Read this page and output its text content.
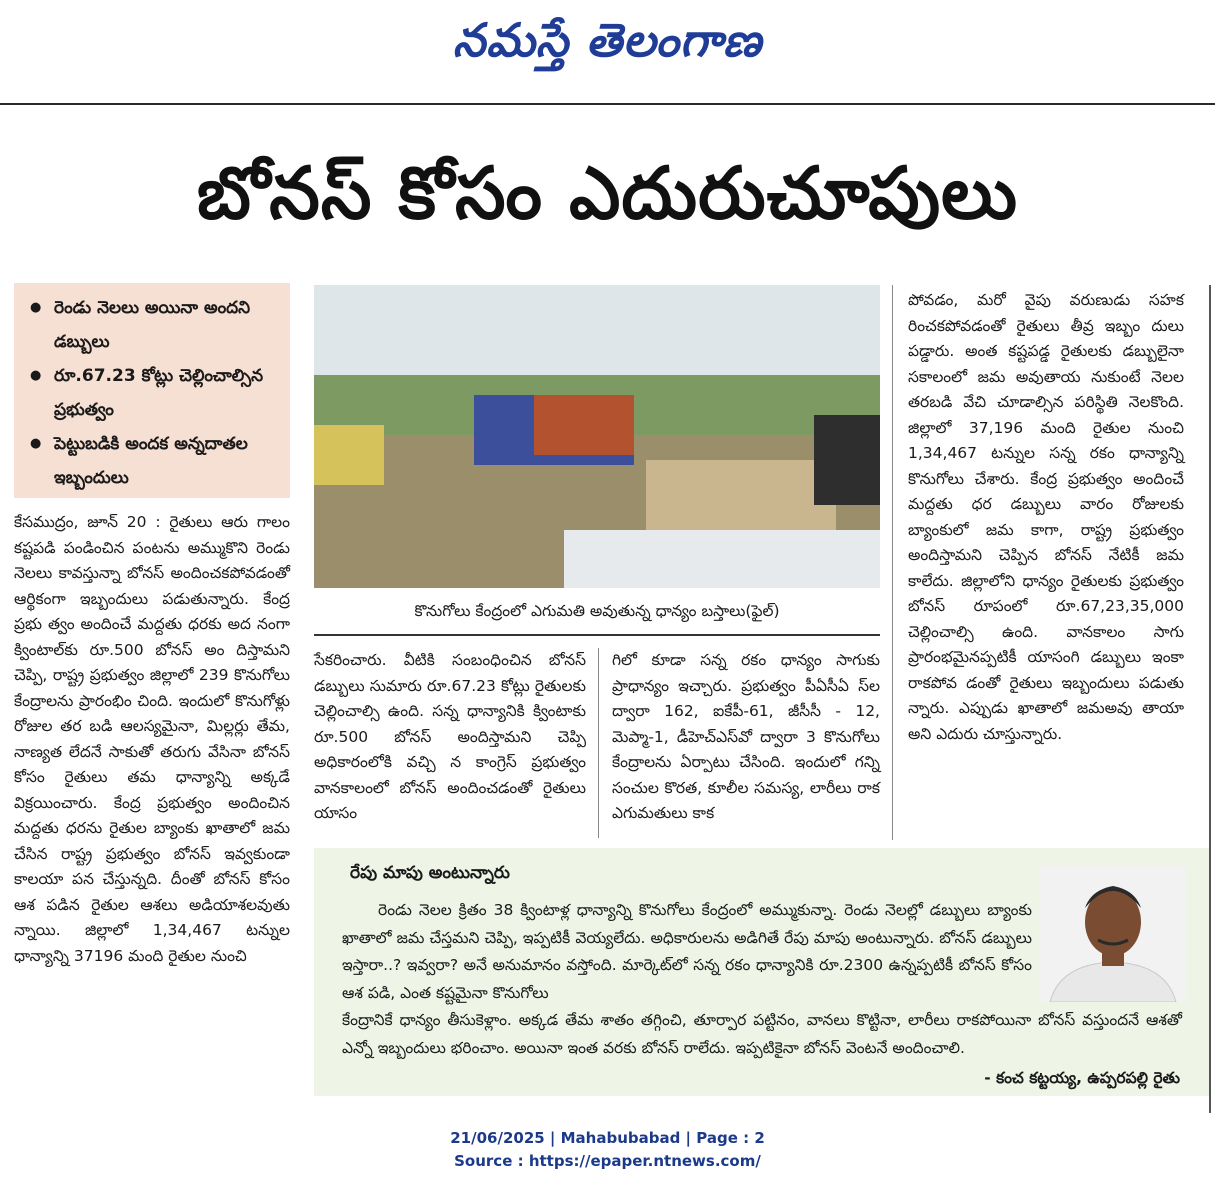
నమస్తే తెలంగాణ
బోనస్ కోసం ఎదురుచూపులు
● రెండు నెలలు అయినా అందని డబ్బులు
● రూ.67.23 కోట్లు చెల్లించాల్సిన ప్రభుత్వం
● పెట్టుబడికి అందక అన్నదాతల ఇబ్బందులు
కేసముద్రం, జూన్ 20 : రైతులు ఆరు గాలం కష్టపడి పండించిన పంటను అమ్ముకొని రెండు నెలలు కావస్తున్నా బోనస్ అందించకపోవడంతో ఆర్థికంగా ఇబ్బందులు పడుతున్నారు. కేంద్ర ప్రభు త్వం అందించే మద్దతు ధరకు అద నంగా క్వింటాల్‌కు రూ.500 బోనస్ అం దిస్తామని చెప్పి, రాష్ట్ర ప్రభుత్వం జిల్లాలో 239 కొనుగోలు కేంద్రాలను ప్రారంభిం చింది. ఇందులో కొనుగోళ్లు రోజుల తర బడి ఆలస్యమైనా, మిల్లర్లు తేమ, నాణ్యత లేదనే సాకుతో తరుగు వేసినా బోనస్ కోసం రైతులు తమ ధాన్యాన్ని అక్కడే విక్రయించారు. కేంద్ర ప్రభుత్వం అందించిన మద్దతు ధరను రైతుల బ్యాంకు ఖాతాలో జమ చేసిన రాష్ట్ర ప్రభుత్వం బోనస్ ఇవ్వకుండా కాలయా పన చేస్తున్నది. దీంతో బోనస్ కోసం ఆశ పడిన రైతుల ఆశలు అడియాశలవుతు న్నాయి. జిల్లాలో 1,34,467 టన్నుల ధాన్యాన్ని 37196 మంది రైతుల నుంచి
కొనుగోలు కేంద్రంలో ఎగుమతి అవుతున్న ధాన్యం బస్తాలు(ఫైల్)
సేకరించారు. వీటికి సంబంధించిన బోనస్ డబ్బులు సుమారు రూ.67.23 కోట్లు రైతులకు చెల్లించాల్సి ఉంది. సన్న ధాన్యానికి క్వింటాకు రూ.500 బోనస్ అందిస్తామని చెప్పి అధికారంలోకి వచ్చి న కాంగ్రెస్ ప్రభుత్వం వానకాలంలో బోనస్ అందించడంతో రైతులు యాసం
గిలో కూడా సన్న రకం ధాన్యం సాగుకు ప్రాధాన్యం ఇచ్చారు. ప్రభుత్వం పీఏసీఏ స్‌ల ద్వారా 162, ఐకేపీ-61, జీసీసీ - 12, మెప్మా-1, డీహెచ్ఎస్‌వో ద్వారా 3 కొనుగోలు కేంద్రాలను ఏర్పాటు చేసింది. ఇందులో గన్ని సంచుల కొరత, కూలీల సమస్య, లారీలు రాక ఎగుమతులు కాక
పోవడం, మరో వైపు వరుణుడు సహక రించకపోవడంతో రైతులు తీవ్ర ఇబ్బం దులు పడ్డారు. అంత కష్టపడ్డ రైతులకు డబ్బులైనా సకాలంలో జమ అవుతాయ నుకుంటే నెలల తరబడి వేచి చూడాల్సిన పరిస్థితి నెలకొంది. జిల్లాలో 37,196 మంది రైతుల నుంచి 1,34,467 టన్నుల సన్న రకం ధాన్యాన్ని కొనుగోలు చేశారు. కేంద్ర ప్రభుత్వం అందించే మద్దతు ధర డబ్బులు వారం రోజులకు బ్యాంకులో జమ కాగా, రాష్ట్ర ప్రభుత్వం అందిస్తామని చెప్పిన బోనస్ నేటికీ జమ కాలేదు. జిల్లాలోని ధాన్యం రైతులకు ప్రభుత్వం బోనస్ రూపంలో రూ.67,23,35,000 చెల్లించాల్సి ఉంది. వానకాలం సాగు ప్రారంభమైనప్పటికీ యాసంగి డబ్బులు ఇంకా రాకపోవ డంతో రైతులు ఇబ్బందులు పడుతు న్నారు. ఎప్పుడు ఖాతాలో జమఅవు తాయా అని ఎదురు చూస్తున్నారు.
రేపు మాపు అంటున్నారు
రెండు నెలల క్రితం 38 క్వింటాళ్ల ధాన్యాన్ని కొనుగోలు కేంద్రంలో అమ్ముకున్నా. రెండు నెలల్లో డబ్బులు బ్యాంకు ఖాతాలో జమ చేస్తమని చెప్పి, ఇప్పటికీ వెయ్యలేదు. అధికారులను అడిగితే రేపు మాపు అంటున్నారు. బోనస్ డబ్బులు ఇస్తారా..? ఇవ్వరా? అనే అనుమానం వస్తోంది. మార్కెట్‌లో సన్న రకం ధాన్యానికి రూ.2300 ఉన్నప్పటికీ బోనస్ కోసం ఆశ పడి, ఎంత కష్టమైనా కొనుగోలు
కేంద్రానికే ధాన్యం తీసుకెళ్లాం. అక్కడ తేమ శాతం తగ్గించి, తూర్పార పట్టినం, వానలు కొట్టినా, లారీలు రాకపోయినా బోనస్ వస్తుందనే ఆశతో ఎన్నో ఇబ్బందులు భరించాం. అయినా ఇంత వరకు బోనస్ రాలేదు. ఇప్పటికైనా బోనస్ వెంటనే అందించాలి.
- కంచ కట్టయ్య, ఉప్పరపల్లి రైతు
21/06/2025 | Mahabubabad | Page : 2
Source : https://epaper.ntnews.com/
